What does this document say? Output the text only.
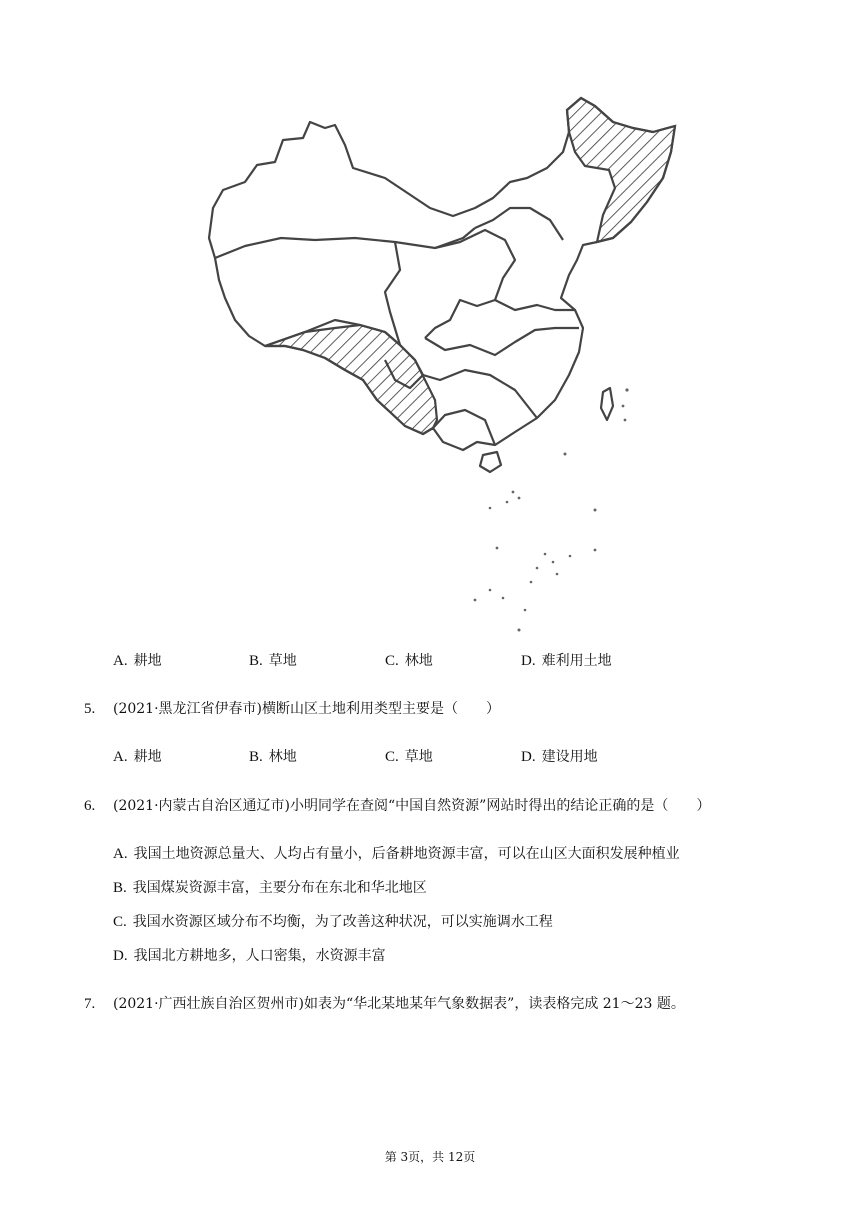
A. 耕地	B. 草地	C. 林地	D. 难利用土地
5. (2021·黑龙江省伊春市)横断山区土地利用类型主要是（　　）
A. 耕地	B. 林地	C. 草地	D. 建设用地
6. (2021·内蒙古自治区通辽市)小明同学在查阅“中国自然资源”网站时得出的结论正确的是（　　）
A. 我国土地资源总量大、人均占有量小，后备耕地资源丰富，可以在山区大面积发展种植业
B. 我国煤炭资源丰富，主要分布在东北和华北地区
C. 我国水资源区域分布不均衡，为了改善这种状况，可以实施调水工程
D. 我国北方耕地多，人口密集，水资源丰富
7. (2021·广西壮族自治区贺州市)如表为“华北某地某年气象数据表”，读表格完成 21～23 题。
第 3页，共 12页
